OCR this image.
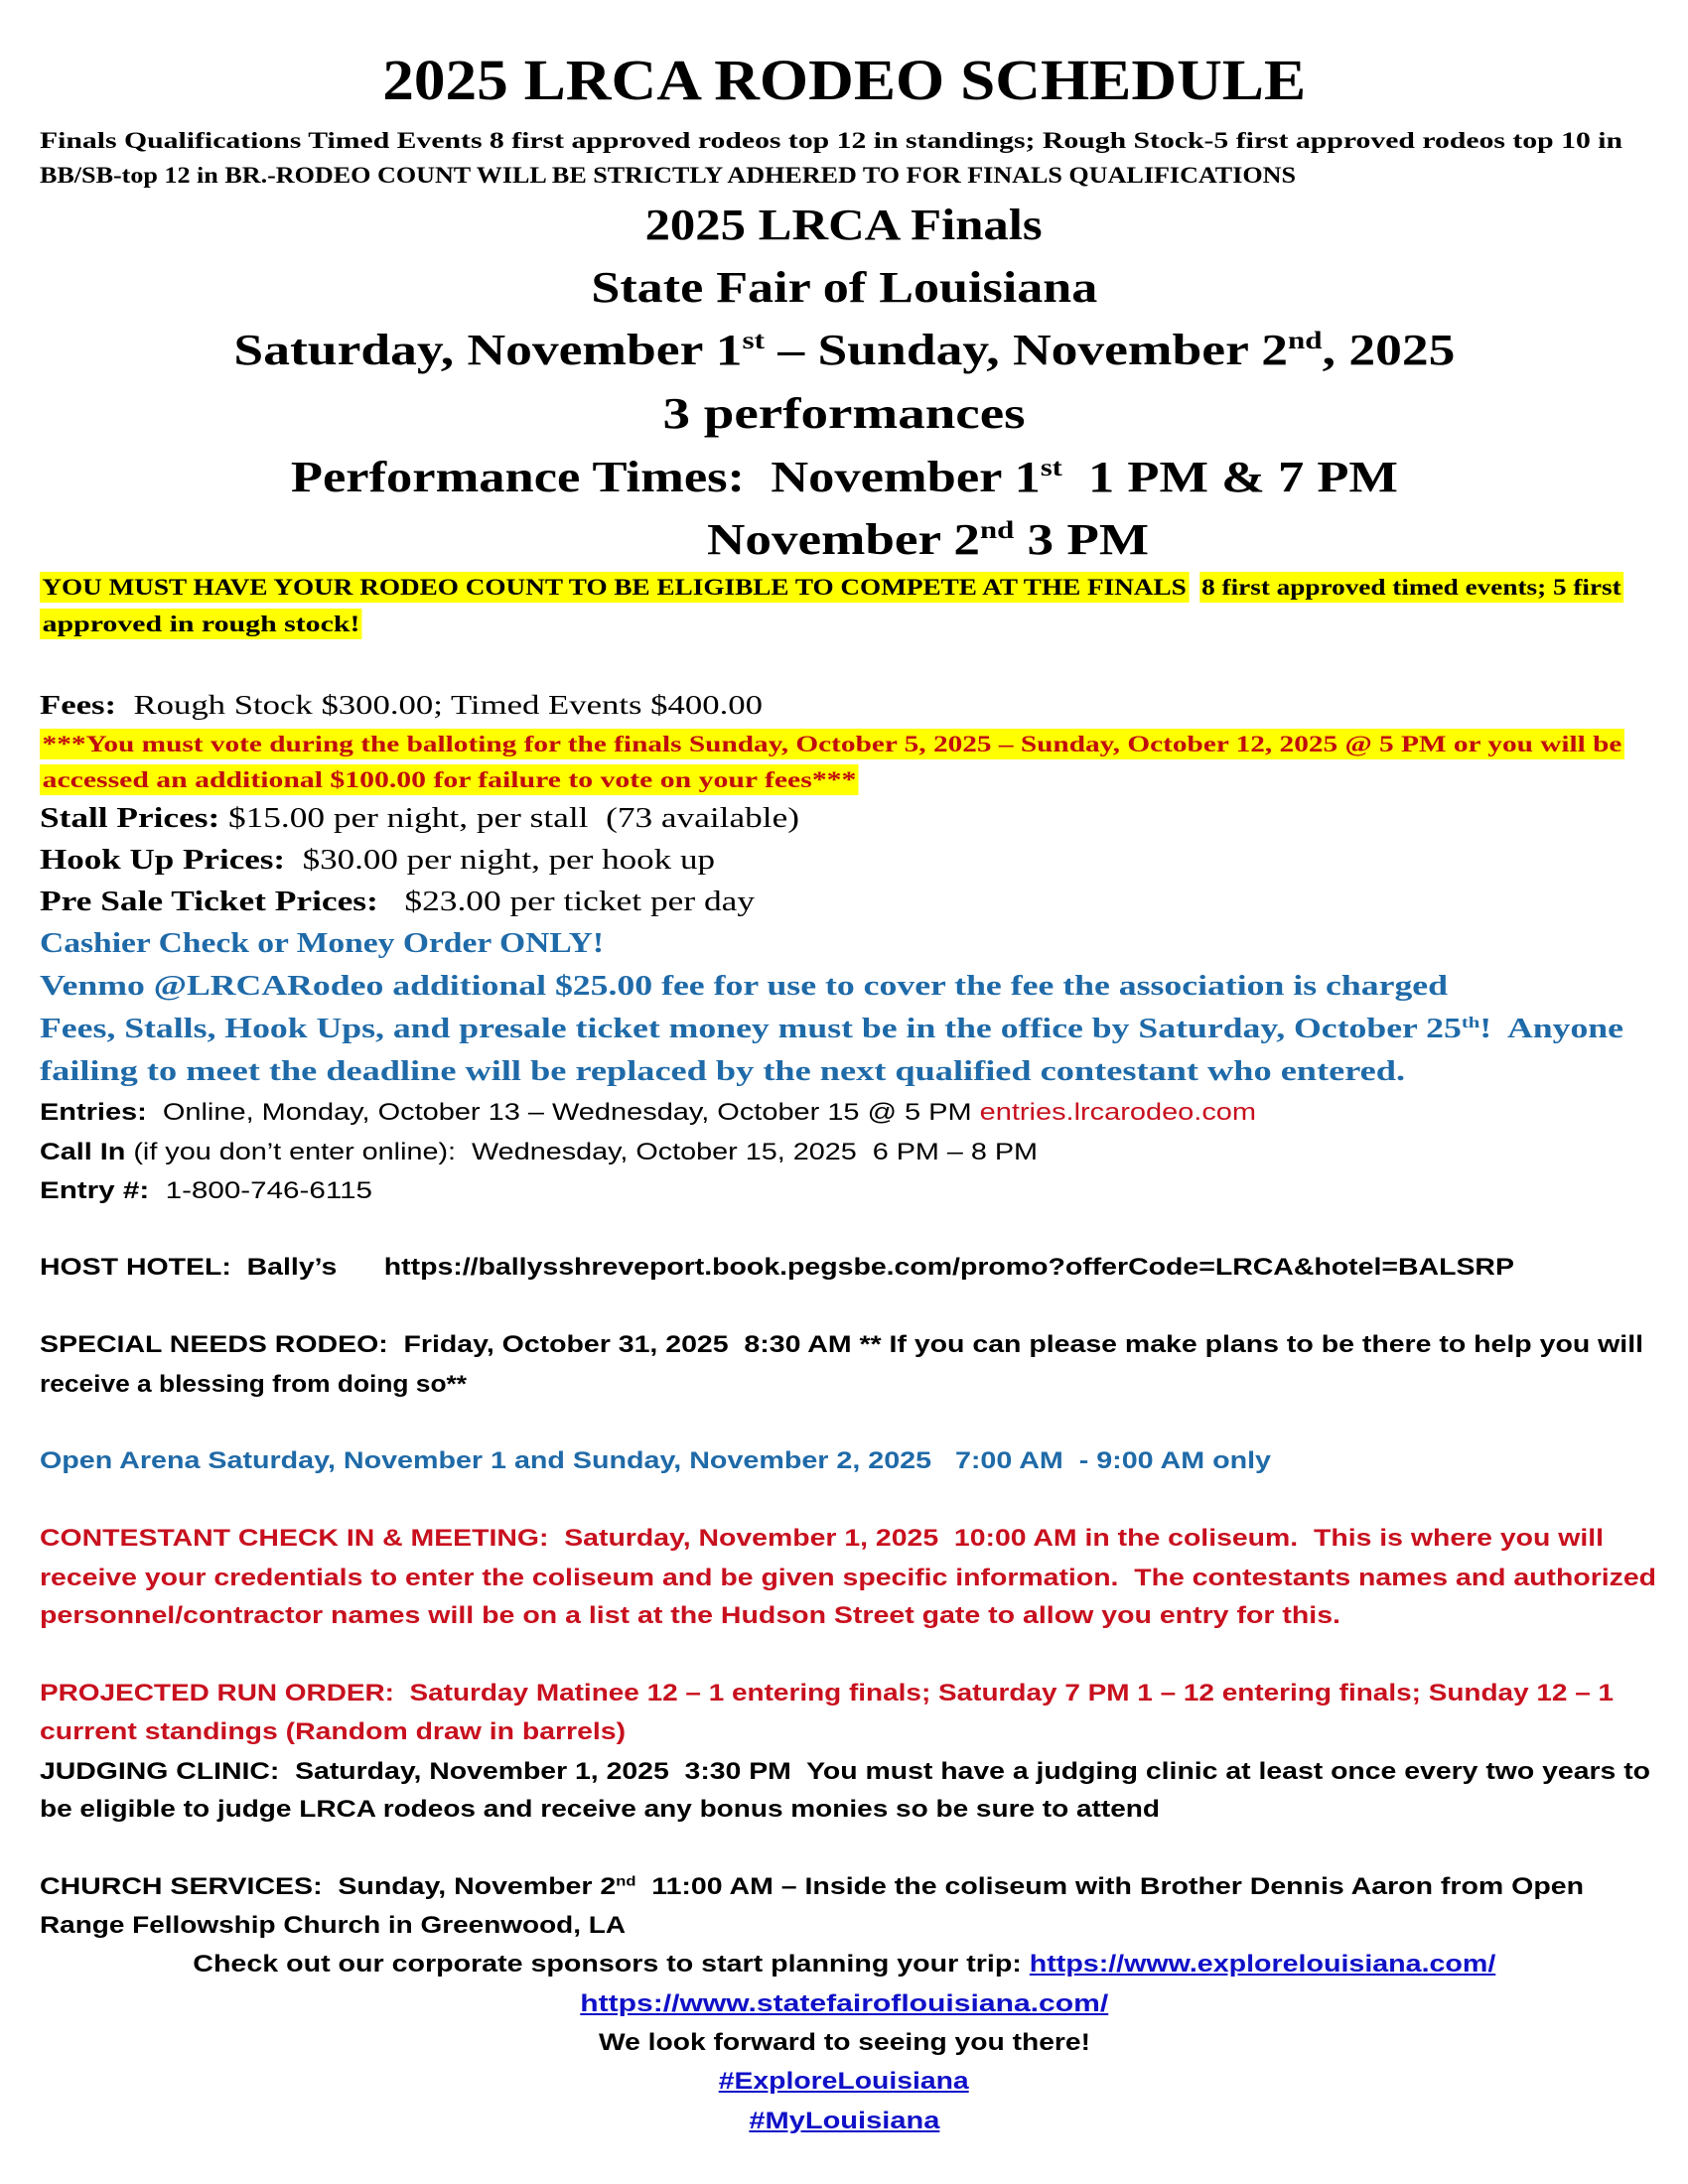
2025 LRCA RODEO SCHEDULE
Finals Qualifications Timed Events 8 first approved rodeos top 12 in standings; Rough Stock-5 first approved rodeos top 10 in
BB/SB-top 12 in BR.-RODEO COUNT WILL BE STRICTLY ADHERED TO FOR FINALS QUALIFICATIONS
2025 LRCA Finals
State Fair of Louisiana
Saturday, November 1st – Sunday, November 2nd, 2025
3 performances
Performance Times:  November 1st  1 PM & 7 PM
November 2nd 3 PM
YOU MUST HAVE YOUR RODEO COUNT TO BE ELIGIBLE TO COMPETE AT THE FINALS 8 first approved timed events; 5 first
approved in rough stock!
Fees:  Rough Stock $300.00; Timed Events $400.00
***You must vote during the balloting for the finals Sunday, October 5, 2025 – Sunday, October 12, 2025 @ 5 PM or you will be
accessed an additional $100.00 for failure to vote on your fees***
Stall Prices: $15.00 per night, per stall  (73 available)
Hook Up Prices:  $30.00 per night, per hook up
Pre Sale Ticket Prices:   $23.00 per ticket per day
Cashier Check or Money Order ONLY!
Venmo @LRCARodeo additional $25.00 fee for use to cover the fee the association is charged
Fees, Stalls, Hook Ups, and presale ticket money must be in the office by Saturday, October 25th!  Anyone
failing to meet the deadline will be replaced by the next qualified contestant who entered.
Entries:  Online, Monday, October 13 – Wednesday, October 15 @ 5 PM entries.lrcarodeo.com
Call In (if you don’t enter online):  Wednesday, October 15, 2025  6 PM – 8 PM
Entry #:  1-800-746-6115
HOST HOTEL:  Bally’s https://ballysshreveport.book.pegsbe.com/promo?offerCode=LRCA&hotel=BALSRP
SPECIAL NEEDS RODEO:  Friday, October 31, 2025  8:30 AM ** If you can please make plans to be there to help you will
receive a blessing from doing so**
Open Arena Saturday, November 1 and Sunday, November 2, 2025   7:00 AM  - 9:00 AM only
CONTESTANT CHECK IN & MEETING:  Saturday, November 1, 2025  10:00 AM in the coliseum.  This is where you will
receive your credentials to enter the coliseum and be given specific information.  The contestants names and authorized
personnel/contractor names will be on a list at the Hudson Street gate to allow you entry for this.
PROJECTED RUN ORDER:  Saturday Matinee 12 – 1 entering finals; Saturday 7 PM 1 – 12 entering finals; Sunday 12 – 1
current standings (Random draw in barrels)
JUDGING CLINIC:  Saturday, November 1, 2025  3:30 PM  You must have a judging clinic at least once every two years to
be eligible to judge LRCA rodeos and receive any bonus monies so be sure to attend
CHURCH SERVICES:  Sunday, November 2nd  11:00 AM – Inside the coliseum with Brother Dennis Aaron from Open
Range Fellowship Church in Greenwood, LA
Check out our corporate sponsors to start planning your trip: https://www.explorelouisiana.com/
https://www.statefairoflouisiana.com/
We look forward to seeing you there!
#ExploreLouisiana
#MyLouisiana
